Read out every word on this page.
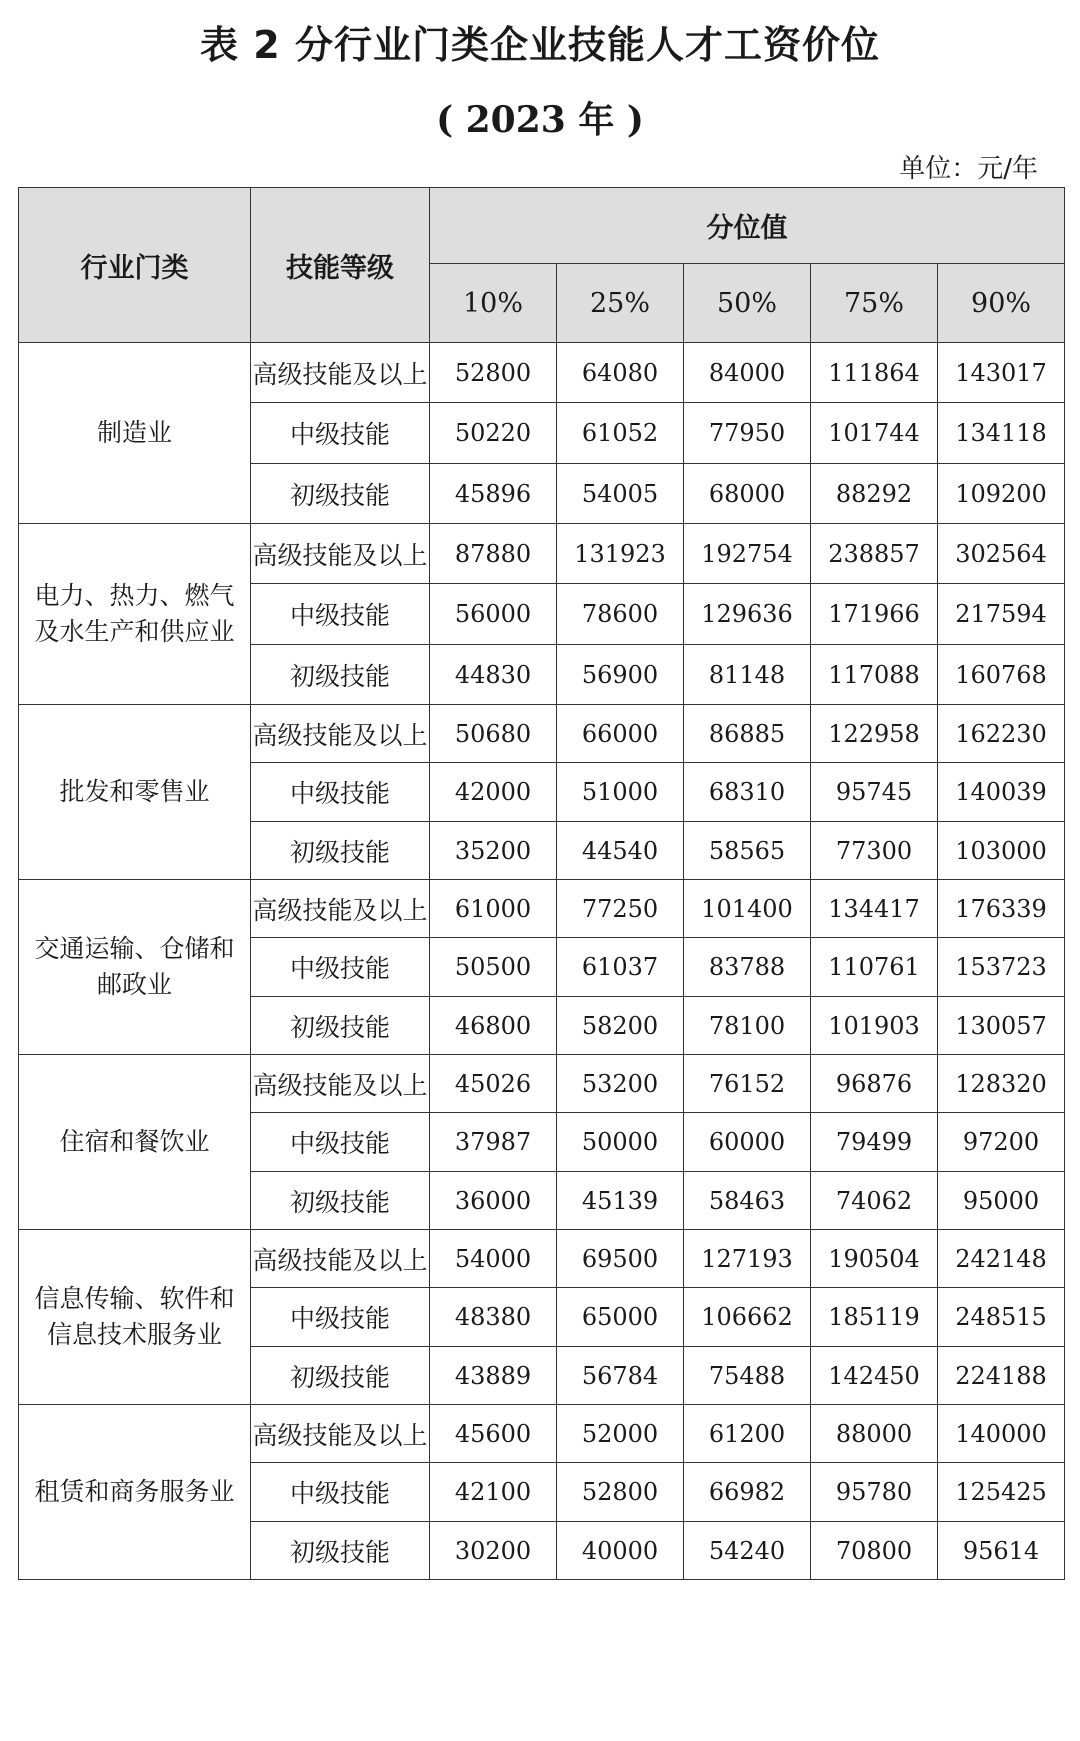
表 2 分行业门类企业技能人才工资价位
( 2023 年 )
单位：元/年
行业门类	技能等级	分位值				
		10%	25%	50%	75%	90%
制造业	高级技能及以上	52800	64080	84000	111864	143017
	中级技能	50220	61052	77950	101744	134118
	初级技能	45896	54005	68000	88292	109200
电力、热力、燃气及水生产和供应业	高级技能及以上	87880	131923	192754	238857	302564
	中级技能	56000	78600	129636	171966	217594
	初级技能	44830	56900	81148	117088	160768
批发和零售业	高级技能及以上	50680	66000	86885	122958	162230
	中级技能	42000	51000	68310	95745	140039
	初级技能	35200	44540	58565	77300	103000
交通运输、仓储和邮政业	高级技能及以上	61000	77250	101400	134417	176339
	中级技能	50500	61037	83788	110761	153723
	初级技能	46800	58200	78100	101903	130057
住宿和餐饮业	高级技能及以上	45026	53200	76152	96876	128320
	中级技能	37987	50000	60000	79499	97200
	初级技能	36000	45139	58463	74062	95000
信息传输、软件和信息技术服务业	高级技能及以上	54000	69500	127193	190504	242148
	中级技能	48380	65000	106662	185119	248515
	初级技能	43889	56784	75488	142450	224188
租赁和商务服务业	高级技能及以上	45600	52000	61200	88000	140000
	中级技能	42100	52800	66982	95780	125425
	初级技能	30200	40000	54240	70800	95614
